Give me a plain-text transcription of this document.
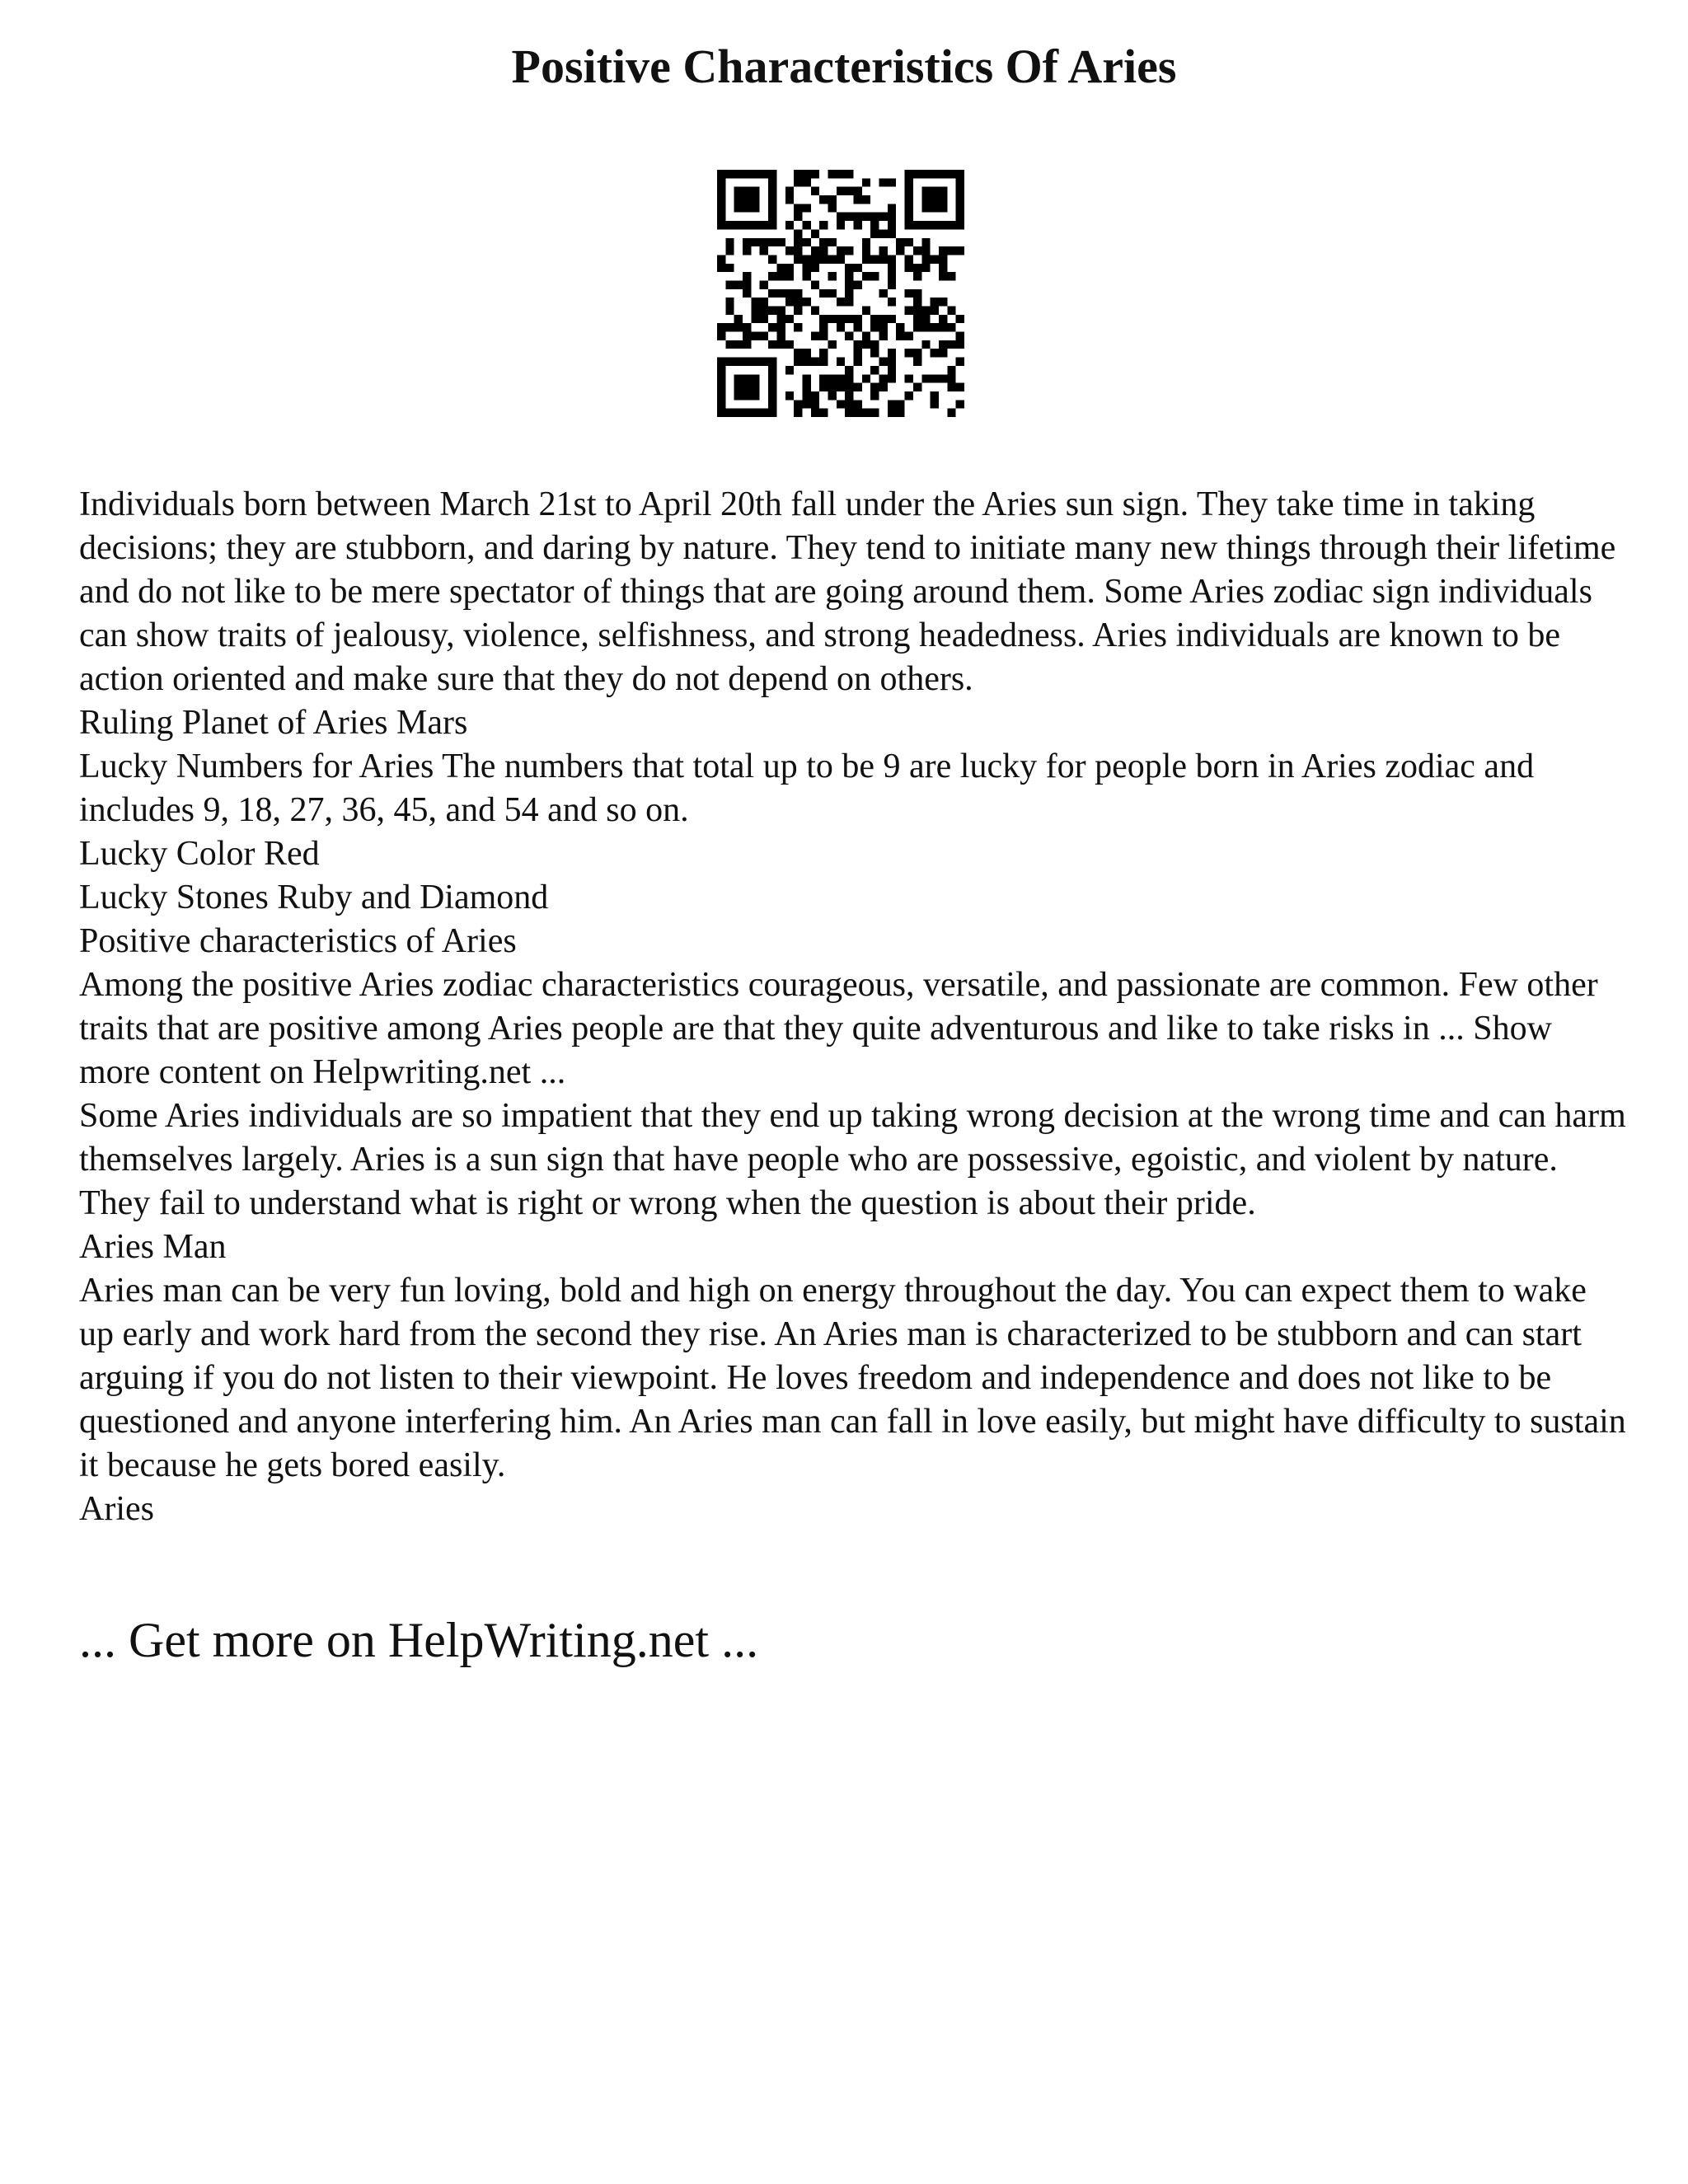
Positive Characteristics Of Aries

Individuals born between March 21st to April 20th fall under the Aries sun sign. They take time in taking decisions; they are stubborn, and daring by nature. They tend to initiate many new things through their lifetime and do not like to be mere spectator of things that are going around them. Some Aries zodiac sign individuals can show traits of jealousy, violence, selfishness, and strong headedness. Aries individuals are known to be action oriented and make sure that they do not depend on others.

Ruling Planet of Aries Mars

Lucky Numbers for Aries The numbers that total up to be 9 are lucky for people born in Aries zodiac and includes 9, 18, 27, 36, 45, and 54 and so on.

Lucky Color Red

Lucky Stones Ruby and Diamond

Positive characteristics of Aries

Among the positive Aries zodiac characteristics courageous, versatile, and passionate are common. Few other traits that are positive among Aries people are that they quite adventurous and like to take risks in ... Show more content on Helpwriting.net ...

Some Aries individuals are so impatient that they end up taking wrong decision at the wrong time and can harm themselves largely. Aries is a sun sign that have people who are possessive, egoistic, and violent by nature. They fail to understand what is right or wrong when the question is about their pride.

Aries Man

Aries man can be very fun loving, bold and high on energy throughout the day. You can expect them to wake up early and work hard from the second they rise. An Aries man is characterized to be stubborn and can start arguing if you do not listen to their viewpoint. He loves freedom and independence and does not like to be questioned and anyone interfering him. An Aries man can fall in love easily, but might have difficulty to sustain it because he gets bored easily.

Aries

... Get more on HelpWriting.net ...
